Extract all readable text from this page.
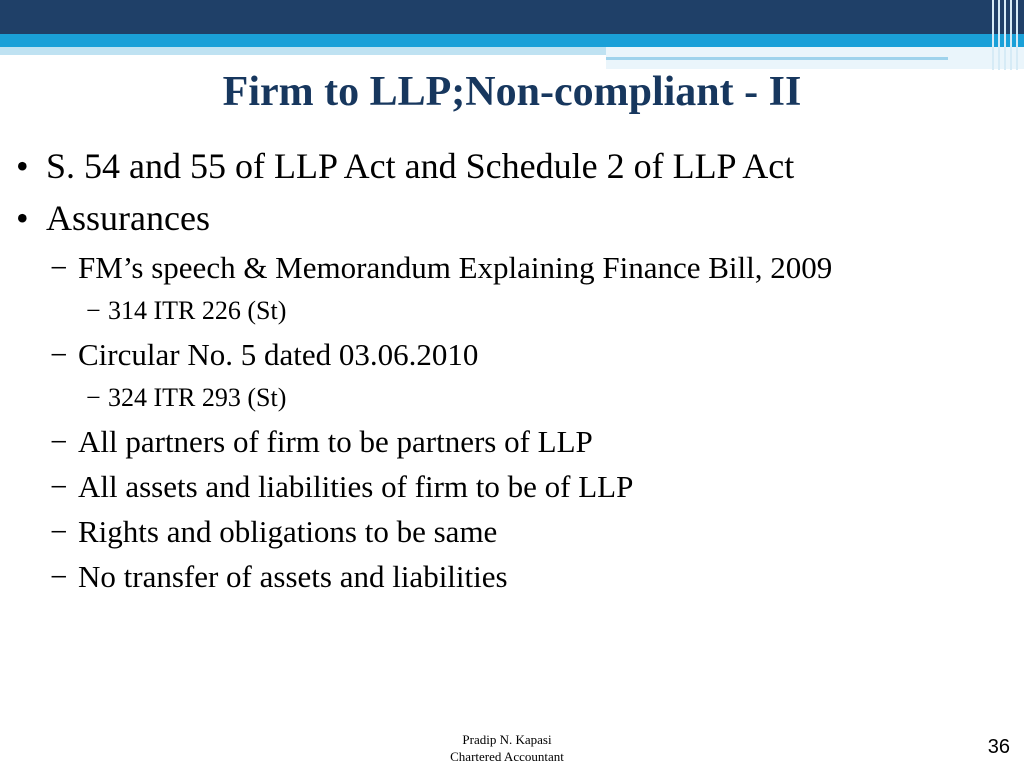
Firm to LLP;Non-compliant - II
• S. 54 and 55 of LLP Act and Schedule 2 of LLP Act
• Assurances
− FM’s speech & Memorandum Explaining Finance Bill, 2009
− 314 ITR 226 (St)
− Circular No. 5 dated 03.06.2010
− 324 ITR 293 (St)
− All partners of firm to be partners of LLP
− All assets and liabilities of firm to be of LLP
− Rights and obligations to be same
− No transfer of assets and liabilities
Pradip N. Kapasi
Chartered Accountant	36
